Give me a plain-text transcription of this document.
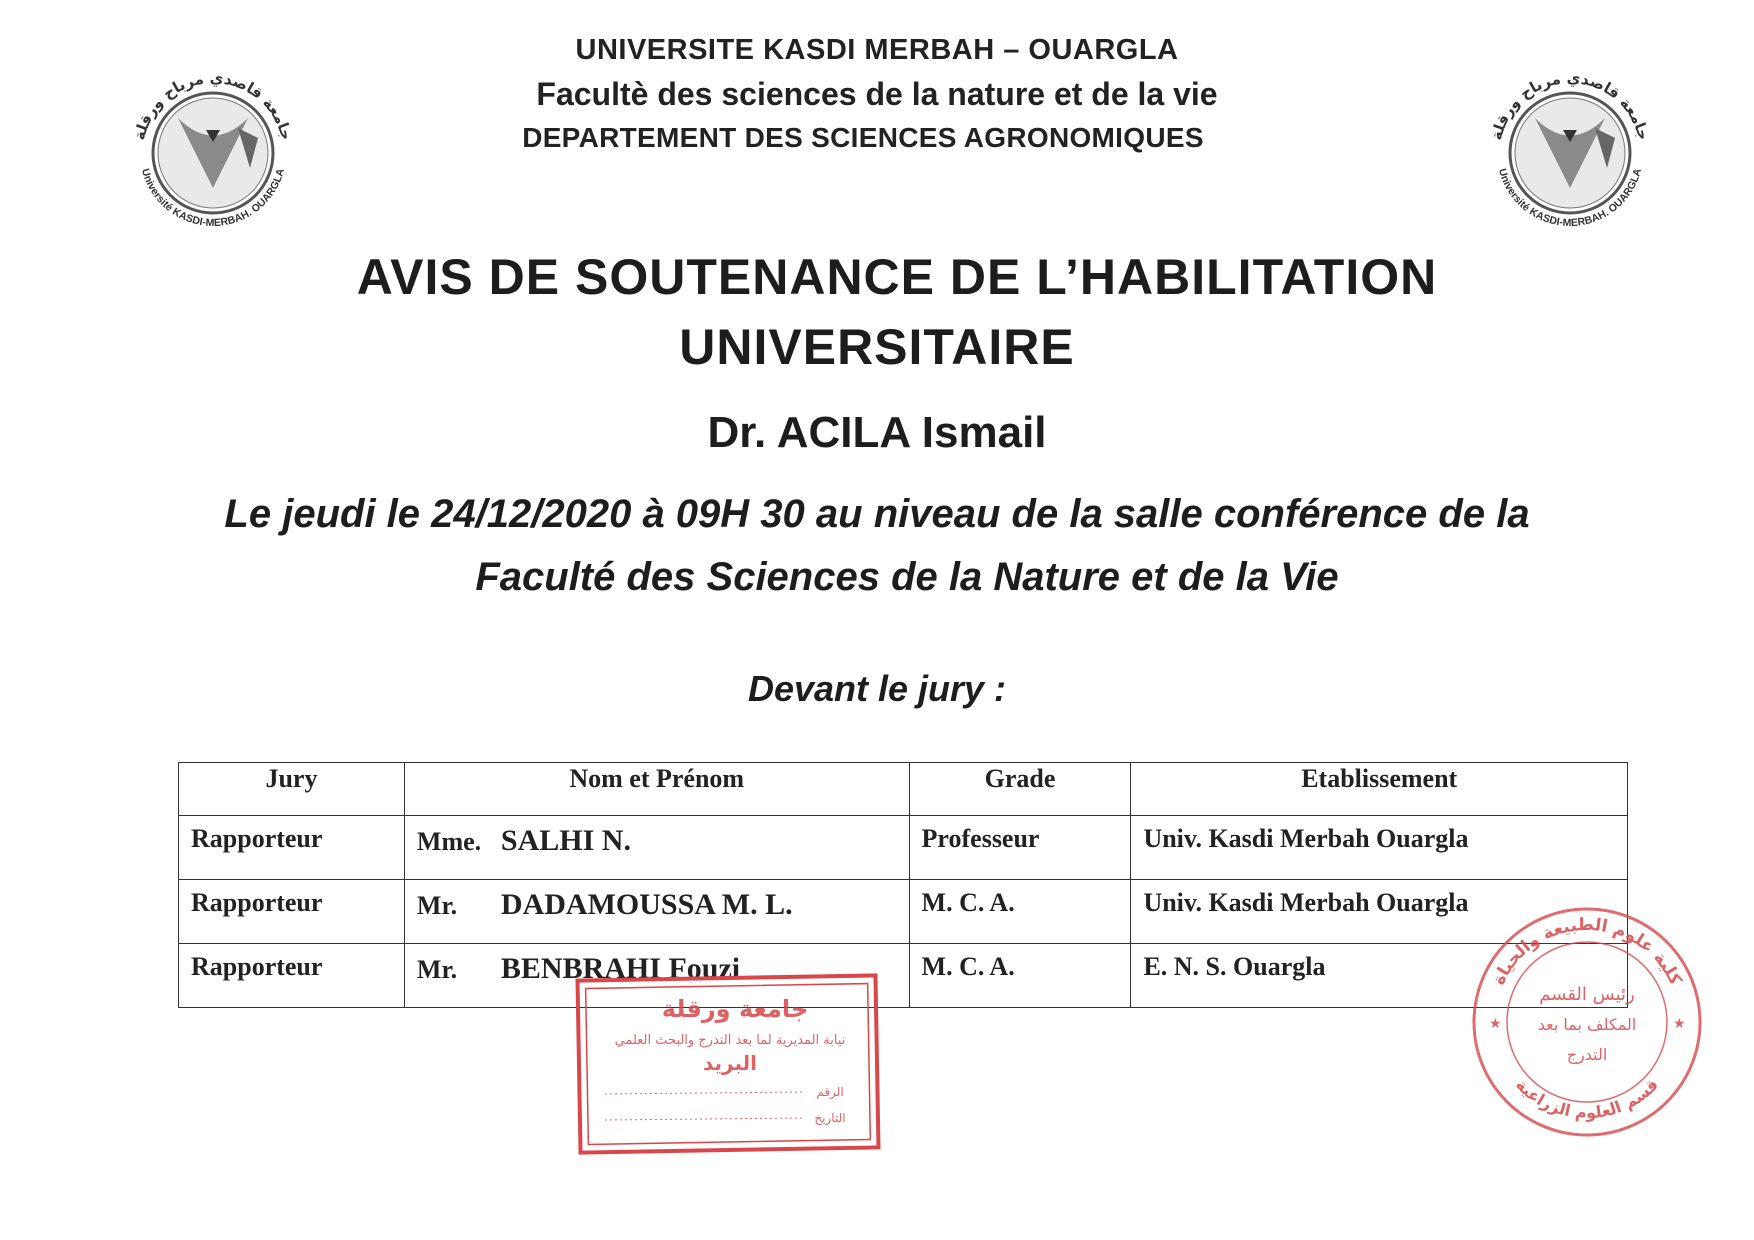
UNIVERSITE KASDI MERBAH – OUARGLA
Facultè des sciences de la nature et de la vie
DEPARTEMENT DES SCIENCES AGRONOMIQUES
جامعة قاصدي مرباح ورقلة
Université KASDI-MERBAH. OUARGLA
جامعة قاصدي مرباح ورقلة
Université KASDI-MERBAH. OUARGLA
AVIS DE SOUTENANCE DE L’HABILITATION
UNIVERSITAIRE
Dr. ACILA Ismail
Le jeudi le 24/12/2020 à 09H 30 au niveau de la salle conférence de la
Faculté des Sciences de la Nature et de la Vie
Devant le jury :
Jury	Nom et Prénom	Grade	Etablissement
Rapporteur	Mme. SALHI N.	Professeur	Univ. Kasdi Merbah Ouargla
Rapporteur	Mr. DADAMOUSSA M. L.	M. C. A.	Univ. Kasdi Merbah Ouargla
Rapporteur	Mr. BENBRAHI Fouzi	M. C. A.	E. N. S. Ouargla
جامعة ورقلة
نيابة المديرية لما بعد التدرج والبحث العلمي
البريد
الرقم
التاريخ
كلية علوم الطبيعة والحياة
قسم العلوم الزراعية
رئيس القسم
المكلف بما بعد
التدرج
★	★
